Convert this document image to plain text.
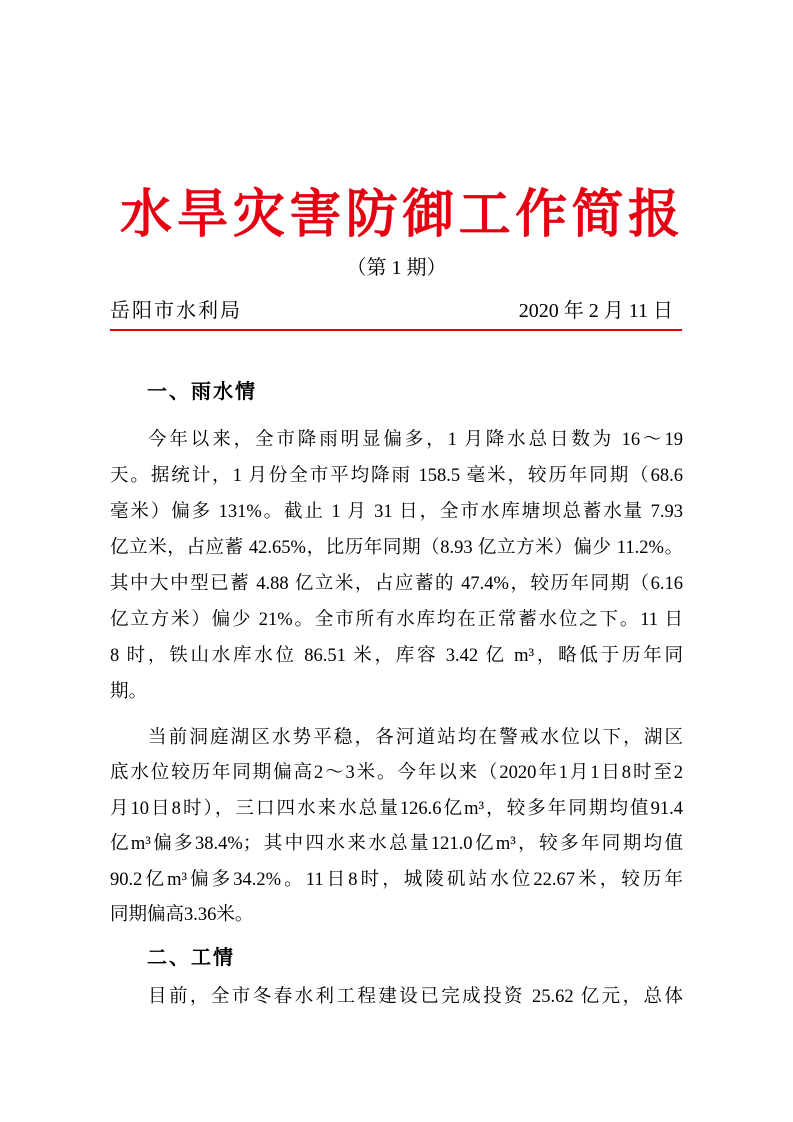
水旱灾害防御工作简报
（第 1 期）
岳阳市水利局	2020 年 2 月 11 日
一、雨水情
今年以来，全市降雨明显偏多，1 月降水总日数为 16～19
天。据统计，1 月份全市平均降雨 158.5 毫米，较历年同期（68.6
毫米）偏多 131%。截止 1 月 31 日，全市水库塘坝总蓄水量 7.93
亿立米，占应蓄 42.65%，比历年同期（8.93 亿立方米）偏少 11.2%。
其中大中型已蓄 4.88 亿立米，占应蓄的 47.4%，较历年同期（6.16
亿立方米）偏少 21%。全市所有水库均在正常蓄水位之下。11 日
8 时，铁山水库水位 86.51 米，库容 3.42 亿 m³，略低于历年同
期。
当前洞庭湖区水势平稳，各河道站均在警戒水位以下，湖区
底水位较历年同期偏高2～3米。今年以来（2020年1月1日8时至2
月10日8时），三口四水来水总量126.6亿m³，较多年同期均值91.4
亿m³偏多38.4%；其中四水来水总量121.0亿m³，较多年同期均值
90.2亿m³偏多34.2%。11日8时，城陵矶站水位22.67米，较历年
同期偏高3.36米。
二、工情
目前，全市冬春水利工程建设已完成投资 25.62 亿元，总体
